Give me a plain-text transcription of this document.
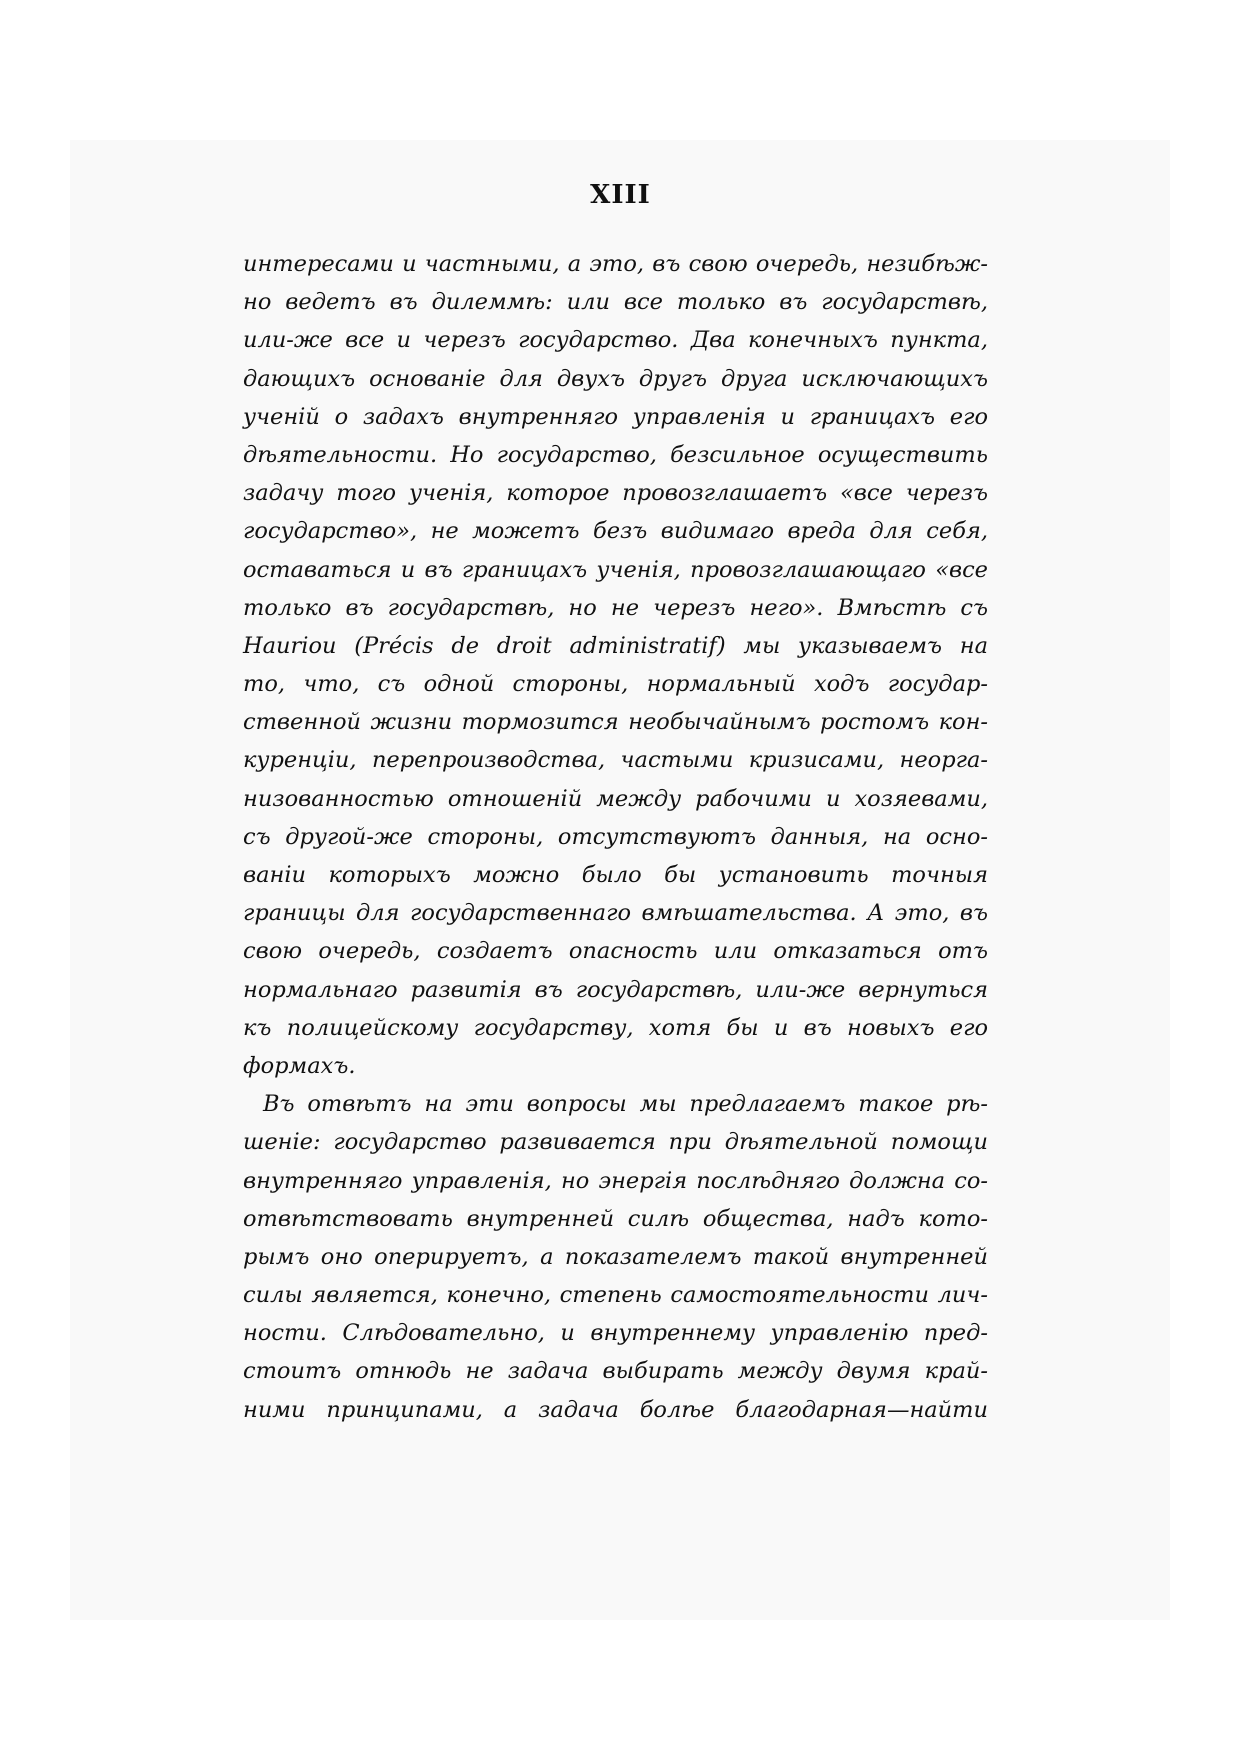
XIII
интересами и частными, а это, въ свою очередь, незибѣж-
но ведетъ въ дилеммѣ: или все только въ государствѣ,
или-же все и черезъ государство. Два конечныхъ пункта,
дающихъ основаніе для двухъ другъ друга исключающихъ
ученій о задахъ внутренняго управленія и границахъ его
дѣятельности. Но государство, безсильное осуществить
задачу того ученія, которое провозглашаетъ «все черезъ
государство», не можетъ безъ видимаго вреда для себя,
оставаться и въ границахъ ученія, провозглашающаго «все
только въ государствѣ, но не черезъ него». Вмѣстѣ съ
Hauriou (Précis de droit administratif) мы указываемъ на
то, что, съ одной стороны, нормальный ходъ государ-
ственной жизни тормозится необычайнымъ ростомъ кон-
куренціи, перепроизводства, частыми кризисами, неорга-
низованностью отношеній между рабочими и хозяевами,
съ другой-же стороны, отсутствуютъ данныя, на осно-
ваніи которыхъ можно было бы установить точныя
границы для государственнаго вмѣшательства. А это, въ
свою очередь, создаетъ опасность или отказаться отъ
нормальнаго развитія въ государствѣ, или-же вернуться
къ полицейскому государству, хотя бы и въ новыхъ его
формахъ.
Въ отвѣтъ на эти вопросы мы предлагаемъ такое рѣ-
шеніе: государство развивается при дѣятельной помощи
внутренняго управленія, но энергія послѣдняго должна со-
отвѣтствовать внутренней силѣ общества, надъ кото-
рымъ оно оперируетъ, а показателемъ такой внутренней
силы является, конечно, степень самостоятельности лич-
ности. Слѣдовательно, и внутреннему управленію пред-
стоитъ отнюдь не задача выбирать между двумя край-
ними принципами, а задача болѣе благодарная—найти
